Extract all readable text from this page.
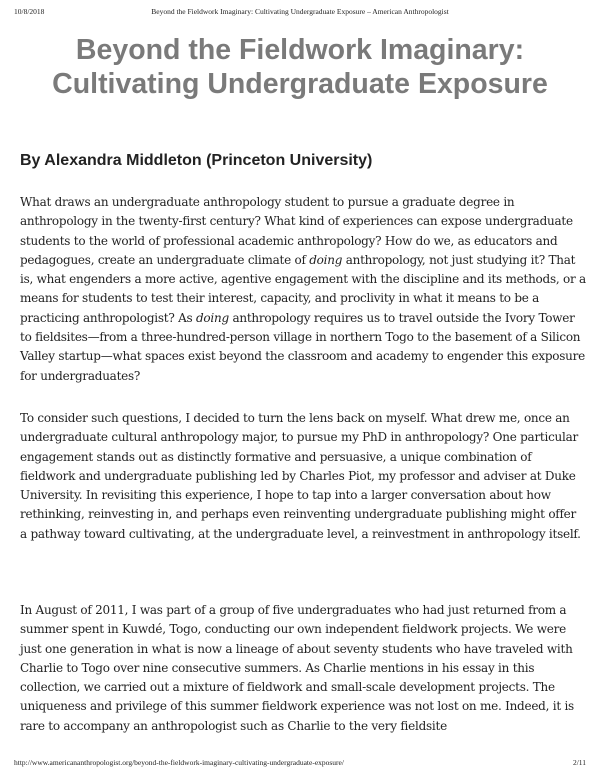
10/8/2018	Beyond the Fieldwork Imaginary: Cultivating Undergraduate Exposure – American Anthropologist
Beyond the Fieldwork Imaginary:
Cultivating Undergraduate Exposure
By Alexandra Middleton (Princeton University)

What draws an undergraduate anthropology student to pursue a graduate degree in anthropology in the twenty-first century? What kind of experiences can expose undergraduate students to the world of professional academic anthropology? How do we, as educators and pedagogues, create an undergraduate climate of doing anthropology, not just studying it? That is, what engenders a more active, agentive engagement with the discipline and its methods, or a means for students to test their interest, capacity, and proclivity in what it means to be a practicing anthropologist? As doing anthropology requires us to travel outside the Ivory Tower to fieldsites—from a three-hundred-person village in northern Togo to the basement of a Silicon Valley startup—what spaces exist beyond the classroom and academy to engender this exposure for undergraduates?

To consider such questions, I decided to turn the lens back on myself. What drew me, once an undergraduate cultural anthropology major, to pursue my PhD in anthropology? One particular engagement stands out as distinctly formative and persuasive, a unique combination of fieldwork and undergraduate publishing led by Charles Piot, my professor and adviser at Duke University. In revisiting this experience, I hope to tap into a larger conversation about how rethinking, reinvesting in, and perhaps even reinventing undergraduate publishing might offer a pathway toward cultivating, at the undergraduate level, a reinvestment in anthropology itself.

In August of 2011, I was part of a group of five undergraduates who had just returned from a summer spent in Kuwdé, Togo, conducting our own independent fieldwork projects. We were just one generation in what is now a lineage of about seventy students who have traveled with Charlie to Togo over nine consecutive summers. As Charlie mentions in his essay in this collection, we carried out a mixture of fieldwork and small-scale development projects. The uniqueness and privilege of this summer fieldwork experience was not lost on me. Indeed, it is rare to accompany an anthropologist such as Charlie to the very fieldsite

http://www.americananthropologist.org/beyond-the-fieldwork-imaginary-cultivating-undergraduate-exposure/	2/11
